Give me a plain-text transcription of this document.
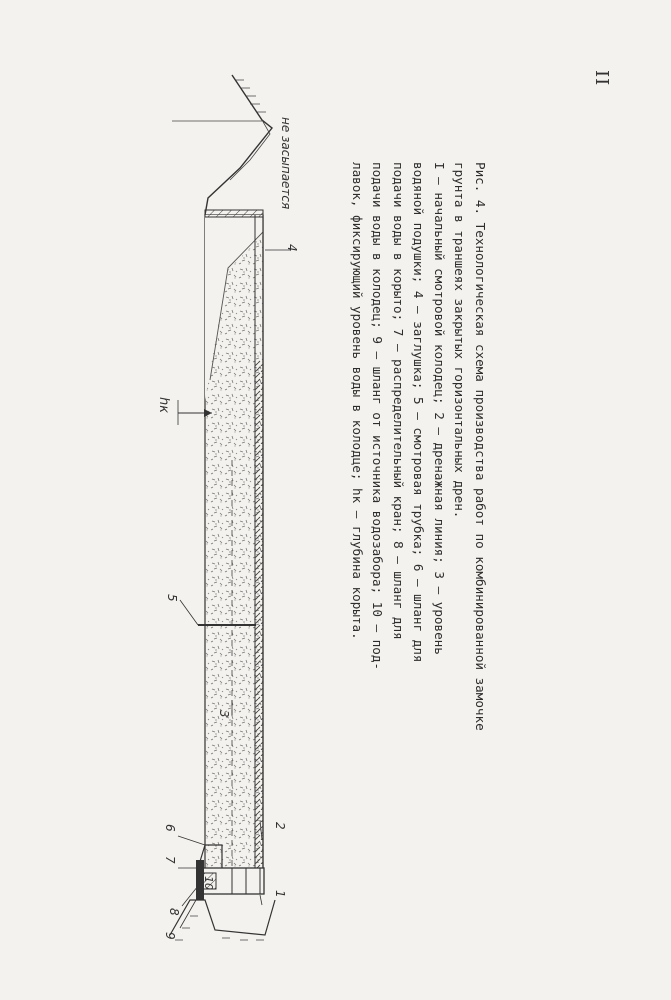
II
9
8
10
7
6
5
3
2
1
4
hк
не засыпается	Рис. 4. Технологическая схема производства работ по комбинированной замочке
грунта в траншеях закрытых горизонтальных дрен.
I – начальный смотровой колодец; 2 – дренажная линия; 3 – уровень
водяной подушки; 4 – заглушка; 5 – смотровая трубка; 6 – шланг для
подачи воды в корыто; 7 – распределительный кран; 8 – шланг для
подачи воды в колодец; 9 – шланг от источника водозабора; 10 – под-
лавок, фиксирующий уровень воды в колодце; hк – глубина корыта.
